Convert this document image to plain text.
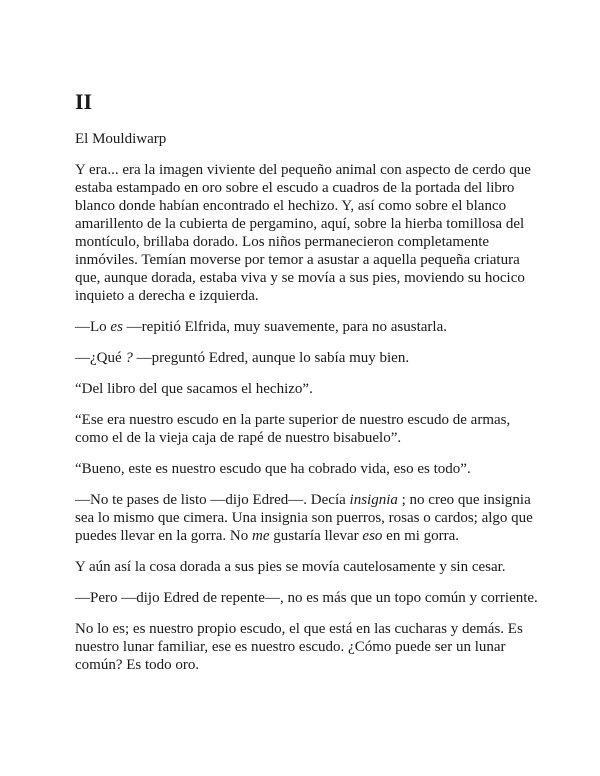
II

El Mouldiwarp

Y era... era la imagen viviente del pequeño animal con aspecto de cerdo que estaba estampado en oro sobre el escudo a cuadros de la portada del libro blanco donde habían encontrado el hechizo. Y, así como sobre el blanco amarillento de la cubierta de pergamino, aquí, sobre la hierba tomillosa del montículo, brillaba dorado. Los niños permanecieron completamente inmóviles. Temían moverse por temor a asustar a aquella pequeña criatura que, aunque dorada, estaba viva y se movía a sus pies, moviendo su hocico inquieto a derecha e izquierda.

—Lo es —repitió Elfrida, muy suavemente, para no asustarla.

—¿Qué ? —preguntó Edred, aunque lo sabía muy bien.

“Del libro del que sacamos el hechizo”.

“Ese era nuestro escudo en la parte superior de nuestro escudo de armas, como el de la vieja caja de rapé de nuestro bisabuelo”.

“Bueno, este es nuestro escudo que ha cobrado vida, eso es todo”.

—No te pases de listo —dijo Edred—. Decía insignia ; no creo que insignia sea lo mismo que cimera. Una insignia son puerros, rosas o cardos; algo que puedes llevar en la gorra. No me gustaría llevar eso en mi gorra.

Y aún así la cosa dorada a sus pies se movía cautelosamente y sin cesar.

—Pero —dijo Edred de repente—, no es más que un topo común y corriente.

No lo es; es nuestro propio escudo, el que está en las cucharas y demás. Es nuestro lunar familiar, ese es nuestro escudo. ¿Cómo puede ser un lunar común? Es todo oro.
